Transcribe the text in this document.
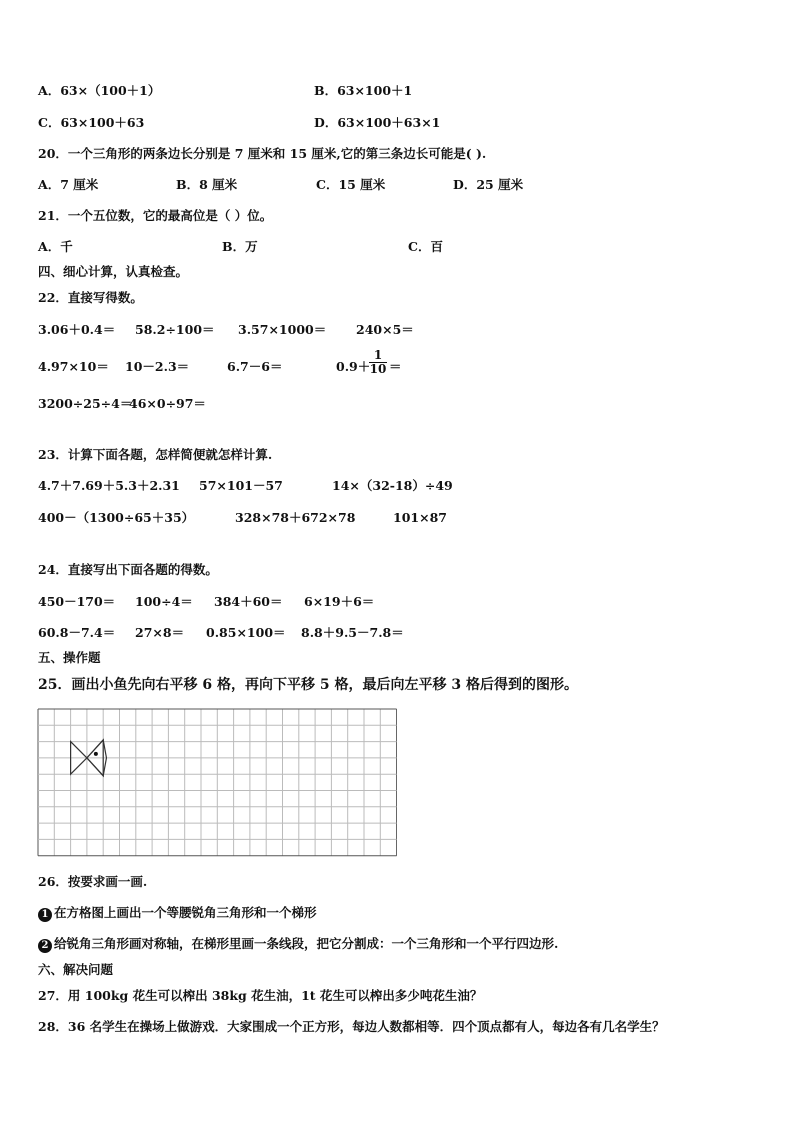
A．63×（100＋1）	B．63×100＋1
C．63×100＋63	D．63×100＋63×1
20．一个三角形的两条边长分别是 7 厘米和 15 厘米,它的第三条边长可能是( ).
A．7 厘米	B．8 厘米	C．15 厘米	D．25 厘米
21．一个五位数，它的最高位是（ ）位。
A．千	B．万	C．百
四、细心计算，认真检查。
22．直接写得数。
3.06＋0.4＝ 58.2÷100＝ 3.57×1000＝ 240×5＝
4.97×10＝ 10－2.3＝	6.7－6＝	0.9＋
$\frac{1}{10}$ ＝
3200÷25÷4＝
46×0÷97＝
23．计算下面各题，怎样简便就怎样计算.
4.7＋7.69＋5.3＋2.31 57×101－57	14×（32-18）÷49
400－（1300÷65＋35）	328×78＋672×78	101×87
24．直接写出下面各题的得数。
450－170＝ 100÷4＝ 384＋60＝ 6×19＋6＝
60.8－7.4＝ 27×8＝ 0.85×100＝ 8.8＋9.5－7.8＝
五、操作题
25．画出小鱼先向右平移 6 格，再向下平移 5 格，最后向左平移 3 格后得到的图形。
26．按要求画一画.
1 在方格图上画出一个等腰锐角三角形和一个梯形
2 给锐角三角形画对称轴，在梯形里画一条线段，把它分割成：一个三角形和一个平行四边形.
六、解决问题
27．用 100kg 花生可以榨出 38kg 花生油，1t 花生可以榨出多少吨花生油？
28．36 名学生在操场上做游戏．大家围成一个正方形，每边人数都相等．四个顶点都有人，每边各有几名学生？
